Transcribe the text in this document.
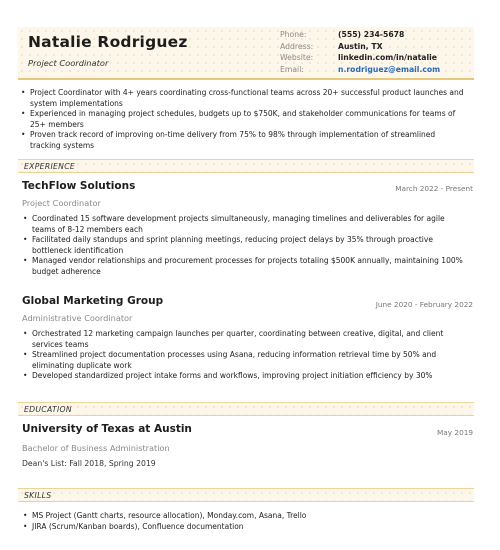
Natalie Rodriguez
Project Coordinator
Phone:	(555) 234-5678
Address:	Austin, TX
Website:	linkedin.com/in/natalie
Email:	n.rodriguez@email.com
• Project Coordinator with 4+ years coordinating cross-functional teams across 20+ successful product launches and system implementations
• Experienced in managing project schedules, budgets up to $750K, and stakeholder communications for teams of 25+ members
• Proven track record of improving on-time delivery from 75% to 98% through implementation of streamlined tracking systems
EXPERIENCE
TechFlow Solutions	March 2022 - Present
Project Coordinator
• Coordinated 15 software development projects simultaneously, managing timelines and deliverables for agile teams of 8-12 members each
• Facilitated daily standups and sprint planning meetings, reducing project delays by 35% through proactive bottleneck identification
• Managed vendor relationships and procurement processes for projects totaling $500K annually, maintaining 100% budget adherence
Global Marketing Group	June 2020 - February 2022
Administrative Coordinator
• Orchestrated 12 marketing campaign launches per quarter, coordinating between creative, digital, and client services teams
• Streamlined project documentation processes using Asana, reducing information retrieval time by 50% and eliminating duplicate work
• Developed standardized project intake forms and workflows, improving project initiation efficiency by 30%
EDUCATION
University of Texas at Austin	May 2019
Bachelor of Business Administration
Dean's List: Fall 2018, Spring 2019
SKILLS
• MS Project (Gantt charts, resource allocation), Monday.com, Asana, Trello
• JIRA (Scrum/Kanban boards), Confluence documentation
